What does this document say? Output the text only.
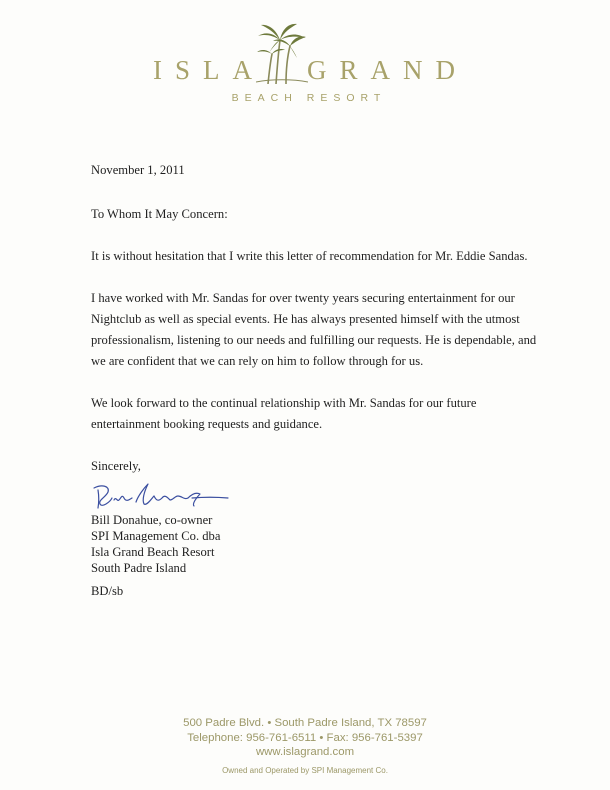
ISLA GRAND
BEACH RESORT
November 1, 2011
To Whom It May Concern:
It is without hesitation that I write this letter of recommendation for Mr. Eddie Sandas.
I have worked with Mr. Sandas for over twenty years securing entertainment for our
Nightclub as well as special events. He has always presented himself with the utmost
professionalism, listening to our needs and fulfilling our requests. He is dependable, and
we are confident that we can rely on him to follow through for us.
We look forward to the continual relationship with Mr. Sandas for our future
entertainment booking requests and guidance.
Sincerely,
Bill Donahue, co-owner
SPI Management Co. dba
Isla Grand Beach Resort
South Padre Island
BD/sb
500 Padre Blvd. • South Padre Island, TX 78597
Telephone: 956-761-6511 • Fax: 956-761-5397
www.islagrand.com
Owned and Operated by SPI Management Co.
